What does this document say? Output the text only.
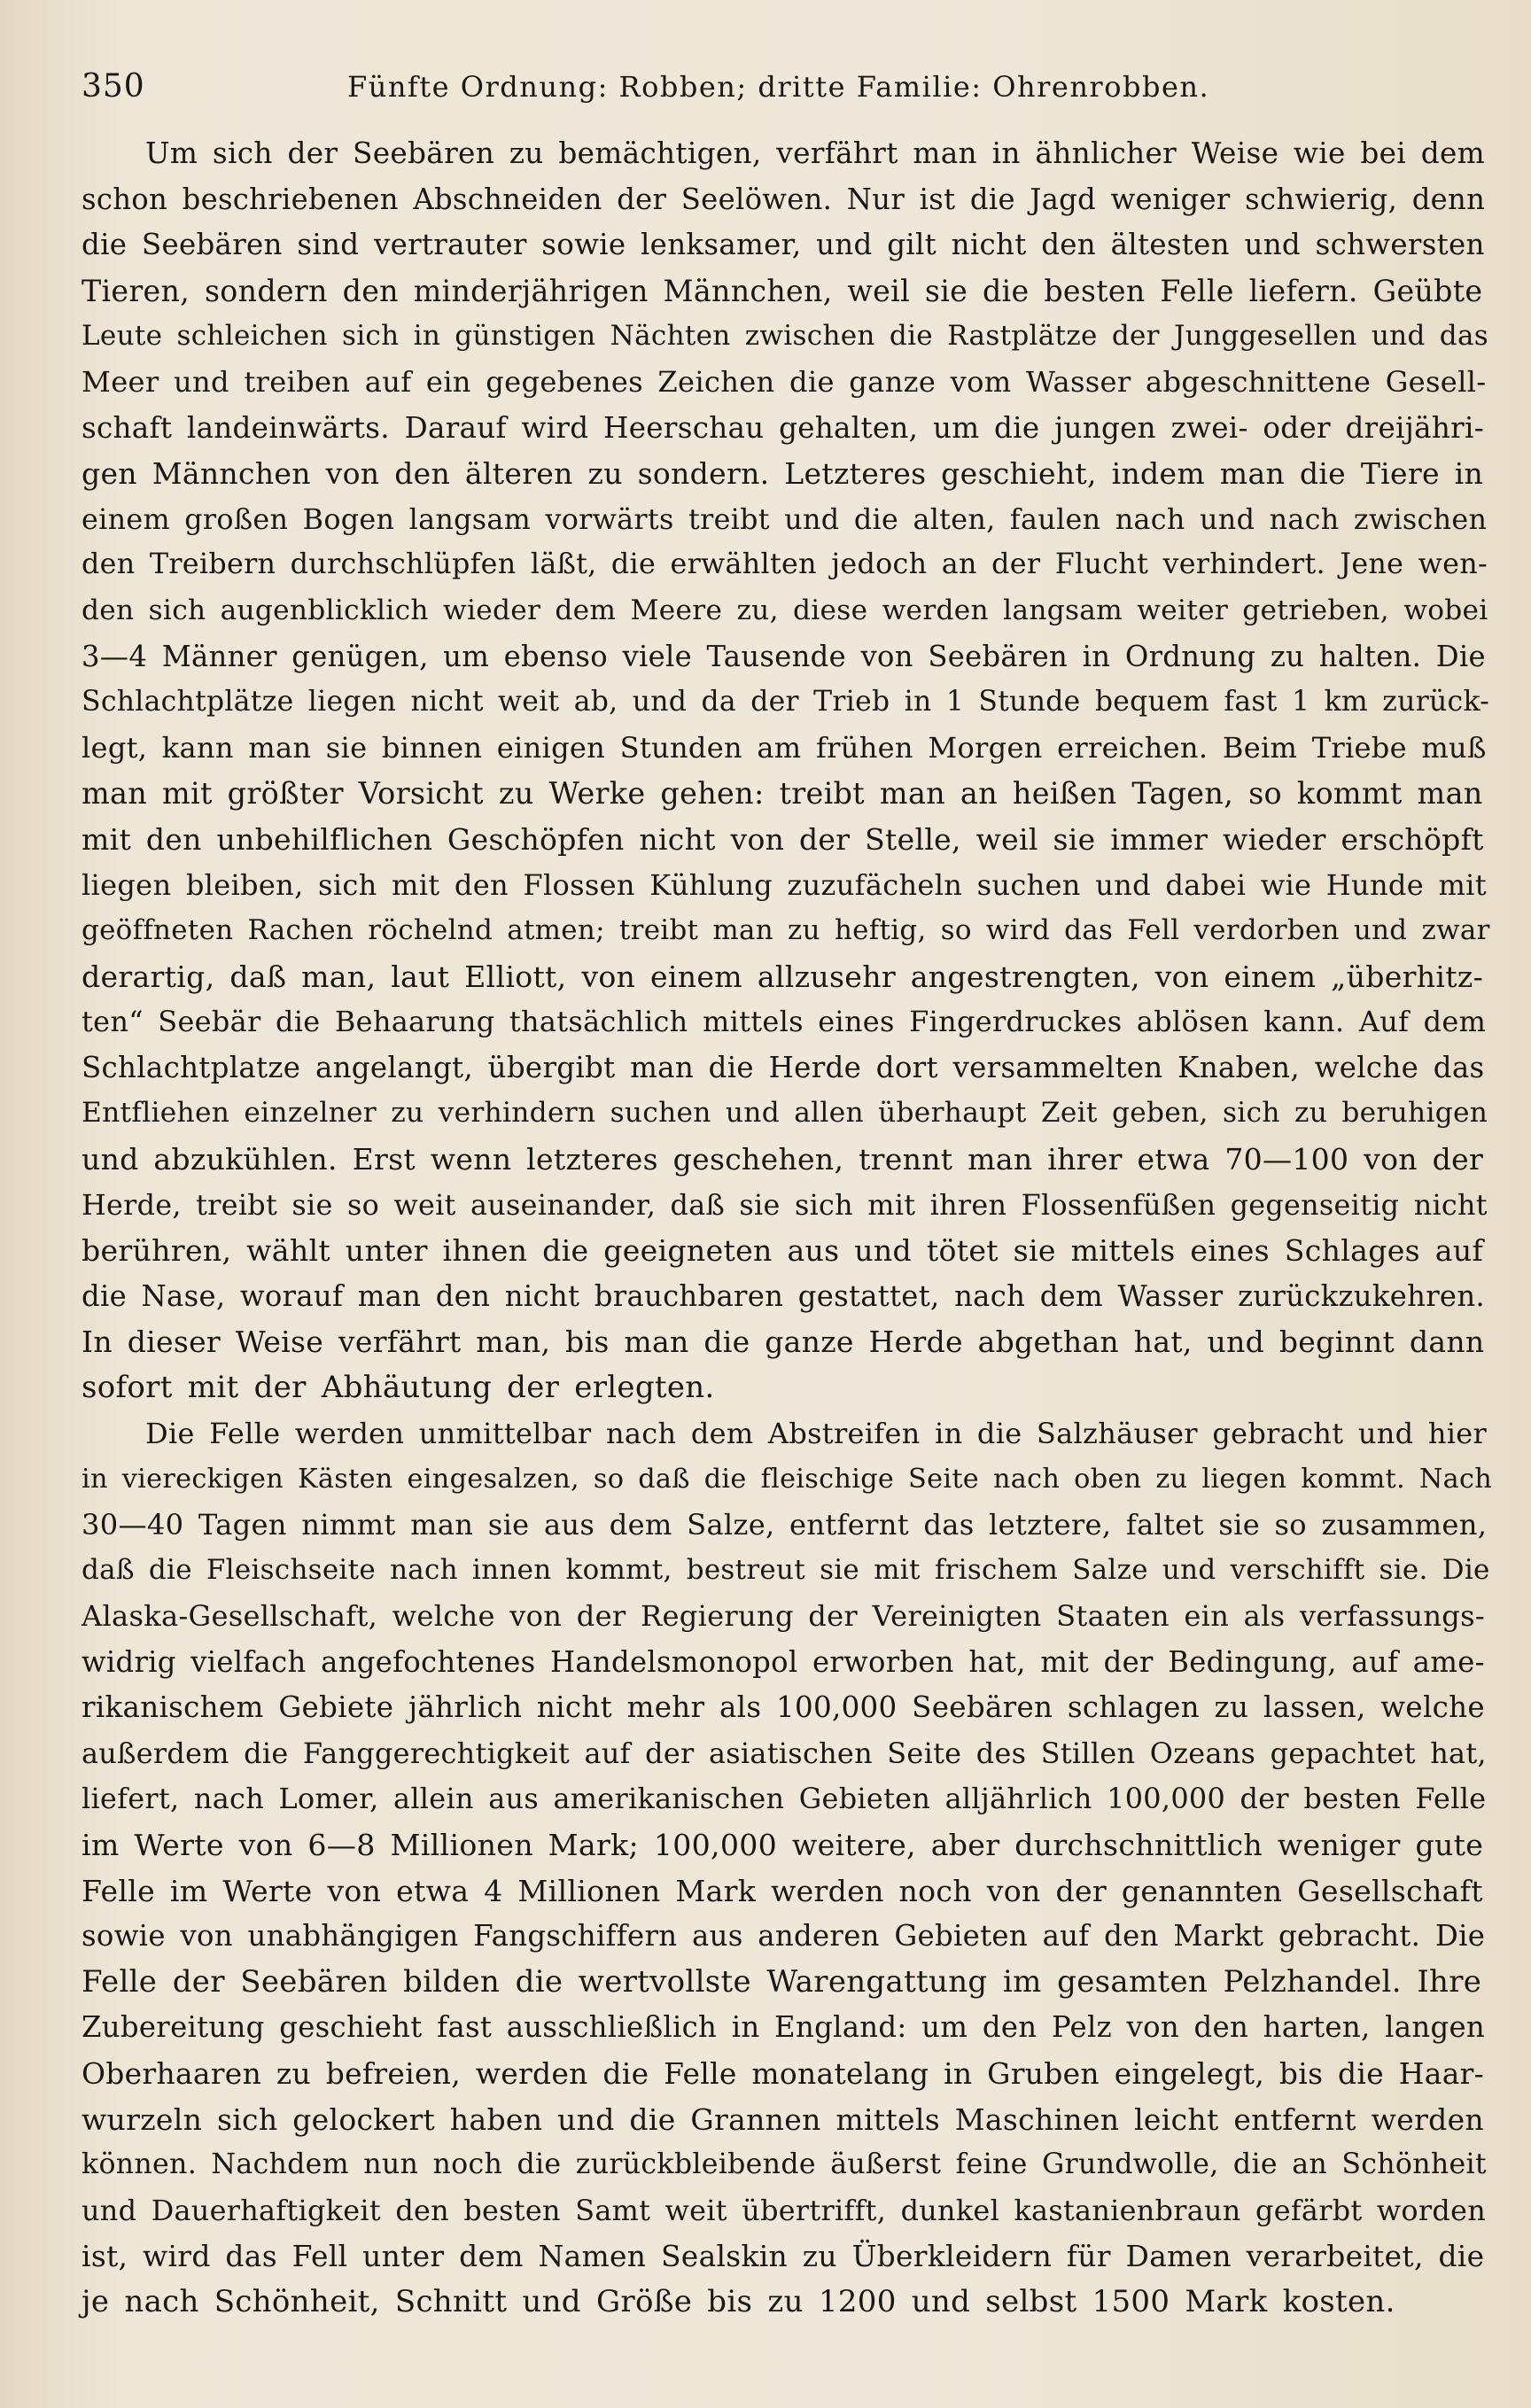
350	Fünfte Ordnung: Robben; dritte Familie: Ohrenrobben.
Um sich der Seebären zu bemächtigen, verfährt man in ähnlicher Weise wie bei dem
schon beschriebenen Abschneiden der Seelöwen. Nur ist die Jagd weniger schwierig, denn
die Seebären sind vertrauter sowie lenksamer, und gilt nicht den ältesten und schwersten
Tieren, sondern den minderjährigen Männchen, weil sie die besten Felle liefern. Geübte
Leute schleichen sich in günstigen Nächten zwischen die Rastplätze der Junggesellen und das
Meer und treiben auf ein gegebenes Zeichen die ganze vom Wasser abgeschnittene Gesell-
schaft landeinwärts. Darauf wird Heerschau gehalten, um die jungen zwei- oder dreijähri-
gen Männchen von den älteren zu sondern. Letzteres geschieht, indem man die Tiere in
einem großen Bogen langsam vorwärts treibt und die alten, faulen nach und nach zwischen
den Treibern durchschlüpfen läßt, die erwählten jedoch an der Flucht verhindert. Jene wen-
den sich augenblicklich wieder dem Meere zu, diese werden langsam weiter getrieben, wobei
3—4 Männer genügen, um ebenso viele Tausende von Seebären in Ordnung zu halten. Die
Schlachtplätze liegen nicht weit ab, und da der Trieb in 1 Stunde bequem fast 1 km zurück-
legt, kann man sie binnen einigen Stunden am frühen Morgen erreichen. Beim Triebe muß
man mit größter Vorsicht zu Werke gehen: treibt man an heißen Tagen, so kommt man
mit den unbehilflichen Geschöpfen nicht von der Stelle, weil sie immer wieder erschöpft
liegen bleiben, sich mit den Flossen Kühlung zuzufächeln suchen und dabei wie Hunde mit
geöffneten Rachen röchelnd atmen; treibt man zu heftig, so wird das Fell verdorben und zwar
derartig, daß man, laut Elliott, von einem allzusehr angestrengten, von einem „überhitz-
ten“ Seebär die Behaarung thatsächlich mittels eines Fingerdruckes ablösen kann. Auf dem
Schlachtplatze angelangt, übergibt man die Herde dort versammelten Knaben, welche das
Entfliehen einzelner zu verhindern suchen und allen überhaupt Zeit geben, sich zu beruhigen
und abzukühlen. Erst wenn letzteres geschehen, trennt man ihrer etwa 70—100 von der
Herde, treibt sie so weit auseinander, daß sie sich mit ihren Flossenfüßen gegenseitig nicht
berühren, wählt unter ihnen die geeigneten aus und tötet sie mittels eines Schlages auf
die Nase, worauf man den nicht brauchbaren gestattet, nach dem Wasser zurückzukehren.
In dieser Weise verfährt man, bis man die ganze Herde abgethan hat, und beginnt dann
sofort mit der Abhäutung der erlegten.
Die Felle werden unmittelbar nach dem Abstreifen in die Salzhäuser gebracht und hier
in viereckigen Kästen eingesalzen, so daß die fleischige Seite nach oben zu liegen kommt. Nach
30—40 Tagen nimmt man sie aus dem Salze, entfernt das letztere, faltet sie so zusammen,
daß die Fleischseite nach innen kommt, bestreut sie mit frischem Salze und verschifft sie. Die
Alaska-Gesellschaft, welche von der Regierung der Vereinigten Staaten ein als verfassungs-
widrig vielfach angefochtenes Handelsmonopol erworben hat, mit der Bedingung, auf ame-
rikanischem Gebiete jährlich nicht mehr als 100,000 Seebären schlagen zu lassen, welche
außerdem die Fanggerechtigkeit auf der asiatischen Seite des Stillen Ozeans gepachtet hat,
liefert, nach Lomer, allein aus amerikanischen Gebieten alljährlich 100,000 der besten Felle
im Werte von 6—8 Millionen Mark; 100,000 weitere, aber durchschnittlich weniger gute
Felle im Werte von etwa 4 Millionen Mark werden noch von der genannten Gesellschaft
sowie von unabhängigen Fangschiffern aus anderen Gebieten auf den Markt gebracht. Die
Felle der Seebären bilden die wertvollste Warengattung im gesamten Pelzhandel. Ihre
Zubereitung geschieht fast ausschließlich in England: um den Pelz von den harten, langen
Oberhaaren zu befreien, werden die Felle monatelang in Gruben eingelegt, bis die Haar-
wurzeln sich gelockert haben und die Grannen mittels Maschinen leicht entfernt werden
können. Nachdem nun noch die zurückbleibende äußerst feine Grundwolle, die an Schönheit
und Dauerhaftigkeit den besten Samt weit übertrifft, dunkel kastanienbraun gefärbt worden
ist, wird das Fell unter dem Namen Sealskin zu Überkleidern für Damen verarbeitet, die
je nach Schönheit, Schnitt und Größe bis zu 1200 und selbst 1500 Mark kosten.
